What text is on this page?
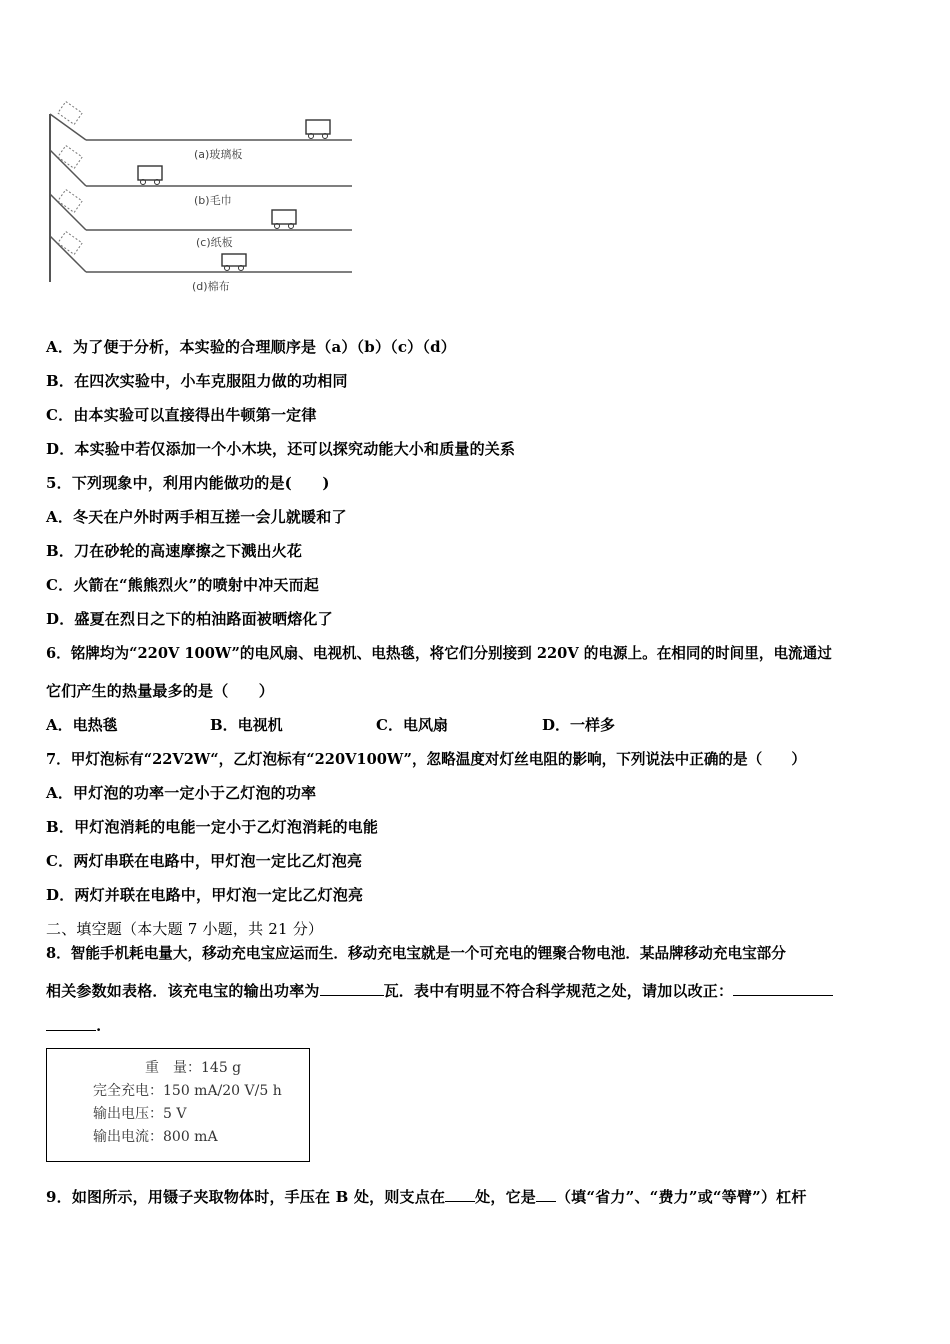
(a)玻璃板
(b)毛巾
(c)纸板
(d)棉布
A．为了便于分析，本实验的合理顺序是（a）（b）（c）（d）
B．在四次实验中，小车克服阻力做的功相同
C．由本实验可以直接得出牛顿第一定律
D．本实验中若仅添加一个小木块，还可以探究动能大小和质量的关系
5．下列现象中，利用内能做功的是(　　)
A．冬天在户外时两手相互搓一会儿就暖和了
B．刀在砂轮的高速摩擦之下溅出火花
C．火箭在“熊熊烈火”的喷射中冲天而起
D．盛夏在烈日之下的柏油路面被晒熔化了
6．铭牌均为“220V 100W”的电风扇、电视机、电热毯，将它们分别接到 220V 的电源上。在相同的时间里，电流通过
它们产生的热量最多的是（　　）
A．电热毯	B．电视机	C．电风扇	D．一样多
7．甲灯泡标有“22V2W“，乙灯泡标有“220V100W”，忽略温度对灯丝电阻的影响，下列说法中正确的是（　　）
A．甲灯泡的功率一定小于乙灯泡的功率
B．甲灯泡消耗的电能一定小于乙灯泡消耗的电能
C．两灯串联在电路中，甲灯泡一定比乙灯泡亮
D．两灯并联在电路中，甲灯泡一定比乙灯泡亮
二、填空题（本大题 7 小题，共 21 分）
8．智能手机耗电量大，移动充电宝应运而生．移动充电宝就是一个可充电的锂聚合物电池．某品牌移动充电宝部分
相关参数如表格．该充电宝的输出功率为	瓦．表中有明显不符合科学规范之处，请加以改正：
.
重　量：145 g
完全充电：150 mA/20 V/5 h
输出电压：5 V
输出电流：800 mA
9．如图所示，用镊子夹取物体时，手压在 B 处，则支点在 处，它是 （填“省力”、“费力”或“等臂”）杠杆
